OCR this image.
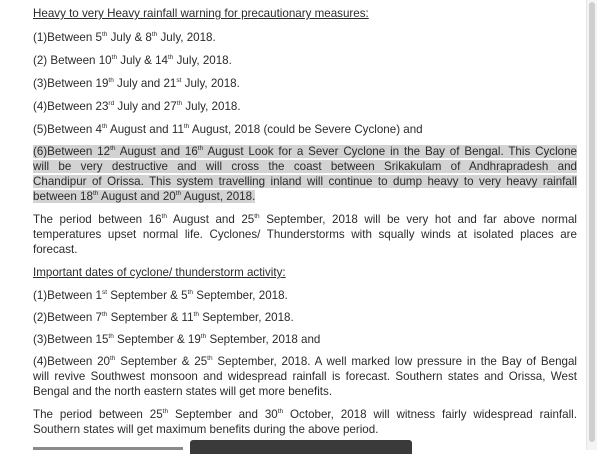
Heavy to very Heavy rainfall warning for precautionary measures:
(1)Between 5th July & 8th July, 2018.
(2) Between 10th July & 14th July, 2018.
(3)Between 19th July and 21st July, 2018.
(4)Between 23rd July and 27th July, 2018.
(5)Between 4th August and 11th August, 2018 (could be Severe Cyclone) and
(6)Between 12th August and 16th August Look for a Sever Cyclone in the Bay of Bengal. This Cyclone
will be very destructive and will cross the coast between Srikakulam of Andhrapradesh and
Chandipur of Orissa. This system travelling inland will continue to dump heavy to very heavy rainfall
between 18th August and 20th August, 2018.
The period between 16th August and 25th September, 2018 will be very hot and far above normal
temperatures upset normal life. Cyclones/ Thunderstorms with squally winds at isolated places are
forecast.
Important dates of cyclone/ thunderstorm activity:
(1)Between 1st September & 5th September, 2018.
(2)Between 7th September & 11th September, 2018.
(3)Between 15th September & 19th September, 2018 and
(4)Between 20th September & 25th September, 2018. A well marked low pressure in the Bay of Bengal
will revive Southwest monsoon and widespread rainfall is forecast. Southern states and Orissa, West
Bengal and the north eastern states will get more benefits.
The period between 25th September and 30th October, 2018 will witness fairly widespread rainfall.
Southern states will get maximum benefits during the above period.
